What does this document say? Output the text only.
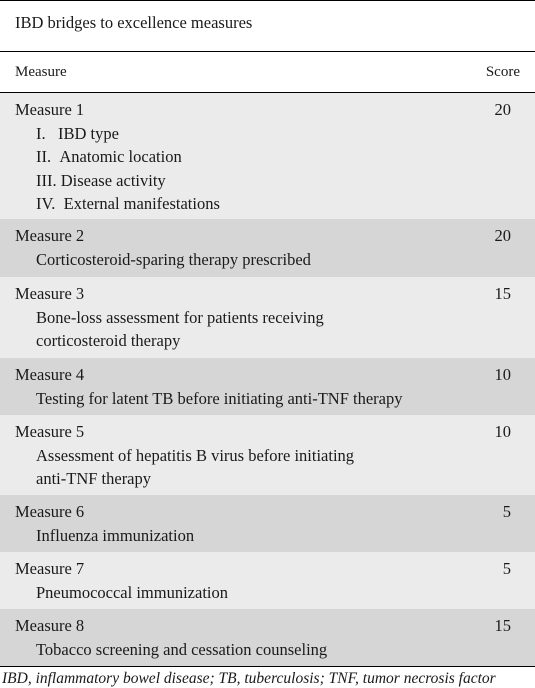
IBD bridges to excellence measures
Measure	Score
Measure 1
I.   IBD type
II.  Anatomic location
III. Disease activity
IV.  External manifestations
20
Measure 2
Corticosteroid-sparing therapy prescribed
20
Measure 3
Bone-loss assessment for patients receiving
corticosteroid therapy
15
Measure 4
Testing for latent TB before initiating anti-TNF therapy
10
Measure 5
Assessment of hepatitis B virus before initiating
anti-TNF therapy
10
Measure 6
Influenza immunization
5
Measure 7
Pneumococcal immunization
5
Measure 8
Tobacco screening and cessation counseling
15
IBD, inflammatory bowel disease; TB, tuberculosis; TNF, tumor necrosis factor
